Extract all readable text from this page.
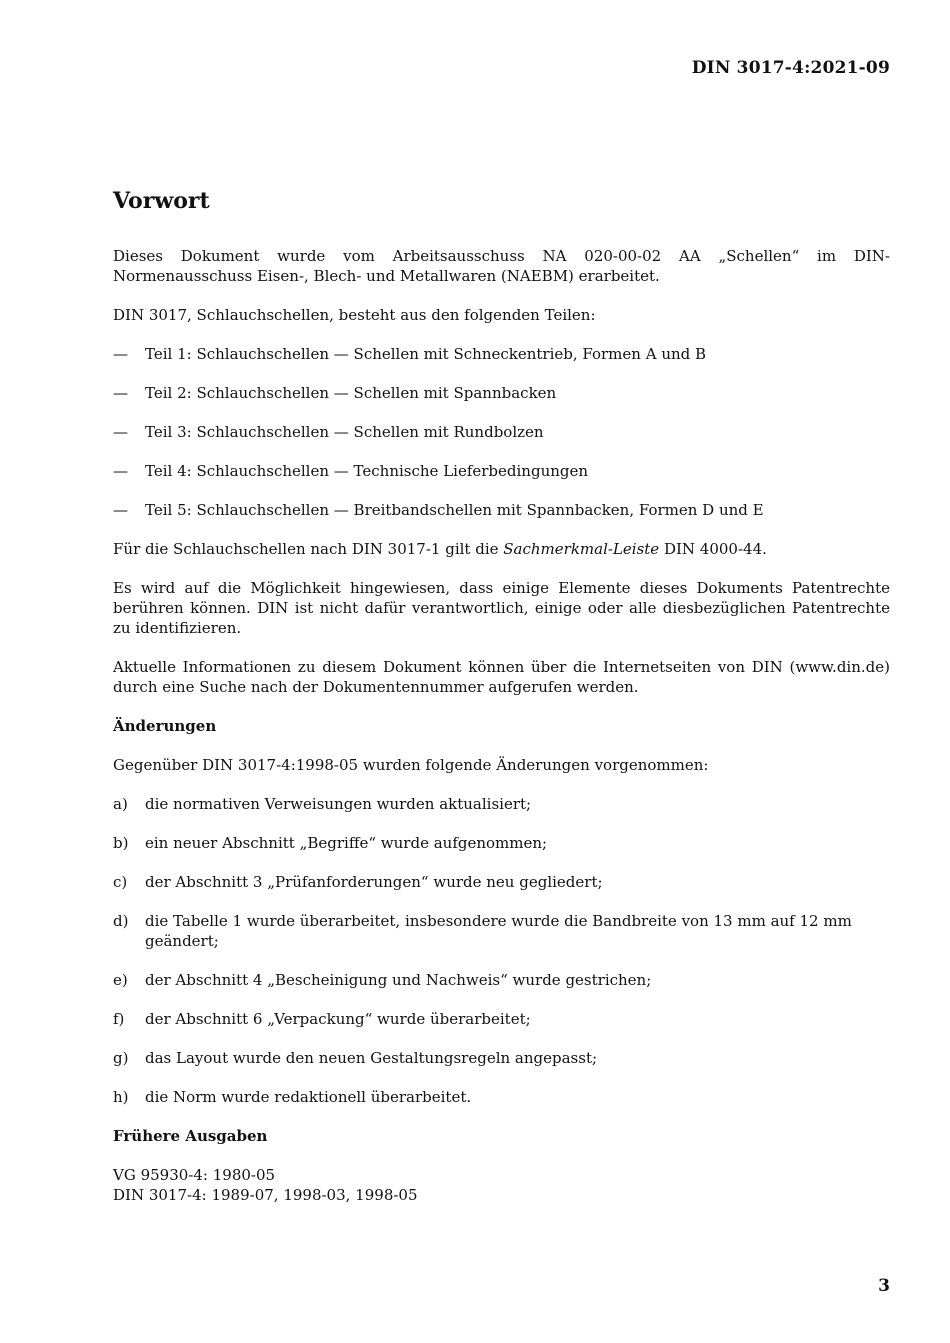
DIN 3017-4:2021-09
Vorwort

Dieses Dokument wurde vom Arbeitsausschuss NA 020-00-02 AA „Schellen“ im DIN-Normenausschuss Eisen-, Blech- und Metallwaren (NAEBM) erarbeitet.

DIN 3017, Schlauchschellen, besteht aus den folgenden Teilen:

—	Teil 1: Schlauchschellen — Schellen mit Schneckentrieb, Formen A und B
—	Teil 2: Schlauchschellen — Schellen mit Spannbacken
—	Teil 3: Schlauchschellen — Schellen mit Rundbolzen
—	Teil 4: Schlauchschellen — Technische Lieferbedingungen
—	Teil 5: Schlauchschellen — Breitbandschellen mit Spannbacken, Formen D und E

Für die Schlauchschellen nach DIN 3017-1 gilt die Sachmerkmal-Leiste DIN 4000-44.

Es wird auf die Möglichkeit hingewiesen, dass einige Elemente dieses Dokuments Patentrechte berühren können. DIN ist nicht dafür verantwortlich, einige oder alle diesbezüglichen Patentrechte zu identifizieren.

Aktuelle Informationen zu diesem Dokument können über die Internetseiten von DIN (www.din.de) durch eine Suche nach der Dokumentennummer aufgerufen werden.

Änderungen

Gegenüber DIN 3017-4:1998-05 wurden folgende Änderungen vorgenommen:

a)	die normativen Verweisungen wurden aktualisiert;
b)	ein neuer Abschnitt „Begriffe“ wurde aufgenommen;
c)	der Abschnitt 3 „Prüfanforderungen“ wurde neu gegliedert;
d)	die Tabelle 1 wurde überarbeitet, insbesondere wurde die Bandbreite von 13 mm auf 12 mm geändert;
e)	der Abschnitt 4 „Bescheinigung und Nachweis“ wurde gestrichen;
f)	der Abschnitt 6 „Verpackung“ wurde überarbeitet;
g)	das Layout wurde den neuen Gestaltungsregeln angepasst;
h)	die Norm wurde redaktionell überarbeitet.
Frühere Ausgaben
VG 95930-4: 1980-05
DIN 3017-4: 1989-07, 1998-03, 1998-05
3
